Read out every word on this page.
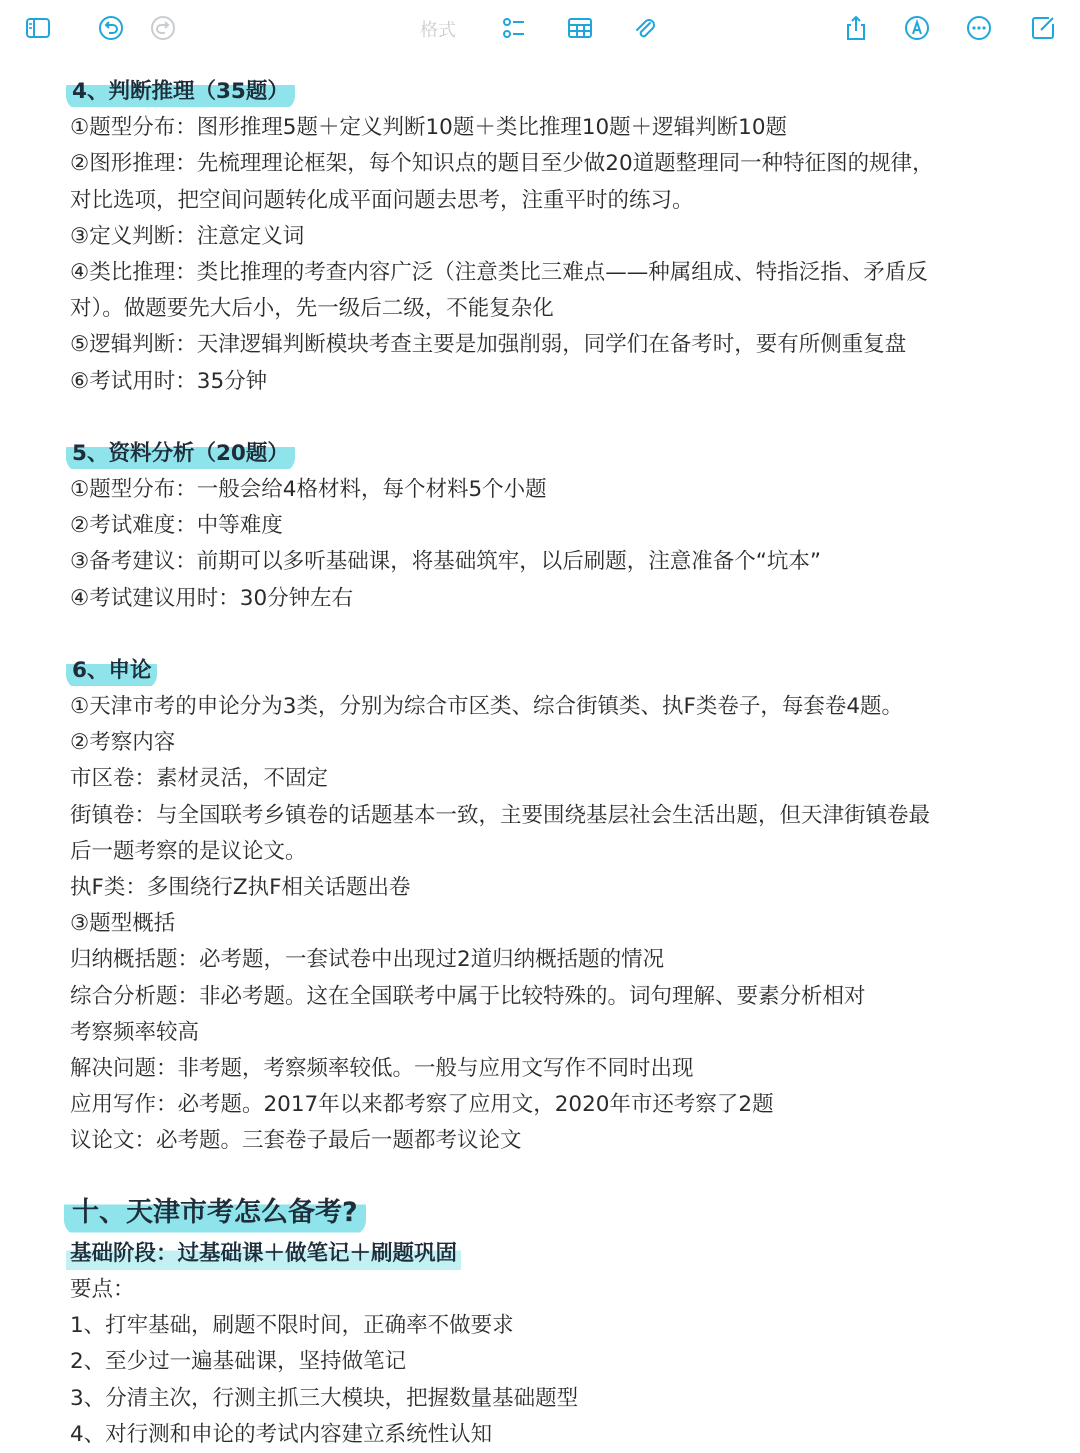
格式
4、判断推理（35题）
①题型分布：图形推理5题＋定义判断10题＋类比推理10题＋逻辑判断10题
②图形推理：先梳理理论框架，每个知识点的题目至少做20道题整理同一种特征图的规律，
对比选项，把空间问题转化成平面问题去思考，注重平时的练习。
③定义判断：注意定义词
④类比推理：类比推理的考查内容广泛（注意类比三难点——种属组成、特指泛指、矛盾反
对）。做题要先大后小，先一级后二级，不能复杂化
⑤逻辑判断：天津逻辑判断模块考查主要是加强削弱，同学们在备考时，要有所侧重复盘
⑥考试用时：35分钟
5、资料分析（20题）
①题型分布：一般会给4格材料，每个材料5个小题
②考试难度：中等难度
③备考建议：前期可以多听基础课，将基础筑牢，以后刷题，注意准备个“坑本”
④考试建议用时：30分钟左右
6、申论
①天津市考的申论分为3类，分别为综合市区类、综合街镇类、执F类卷子，每套卷4题。
②考察内容
市区卷：素材灵活，不固定
街镇卷：与全国联考乡镇卷的话题基本一致，主要围绕基层社会生活出题，但天津街镇卷最
后一题考察的是议论文。
执F类：多围绕行Z执F相关话题出卷
③题型概括
归纳概括题：必考题，一套试卷中出现过2道归纳概括题的情况
综合分析题：非必考题。这在全国联考中属于比较特殊的。词句理解、要素分析相对
考察频率较高
解决问题：非考题，考察频率较低。一般与应用文写作不同时出现
应用写作：必考题。2017年以来都考察了应用文，2020年市还考察了2题
议论文：必考题。三套卷子最后一题都考议论文
十、天津市考怎么备考?
基础阶段：过基础课＋做笔记＋刷题巩固
要点：
1、打牢基础，刷题不限时间，正确率不做要求
2、至少过一遍基础课，坚持做笔记
3、分清主次，行测主抓三大模块，把握数量基础题型
4、对行测和申论的考试内容建立系统性认知
